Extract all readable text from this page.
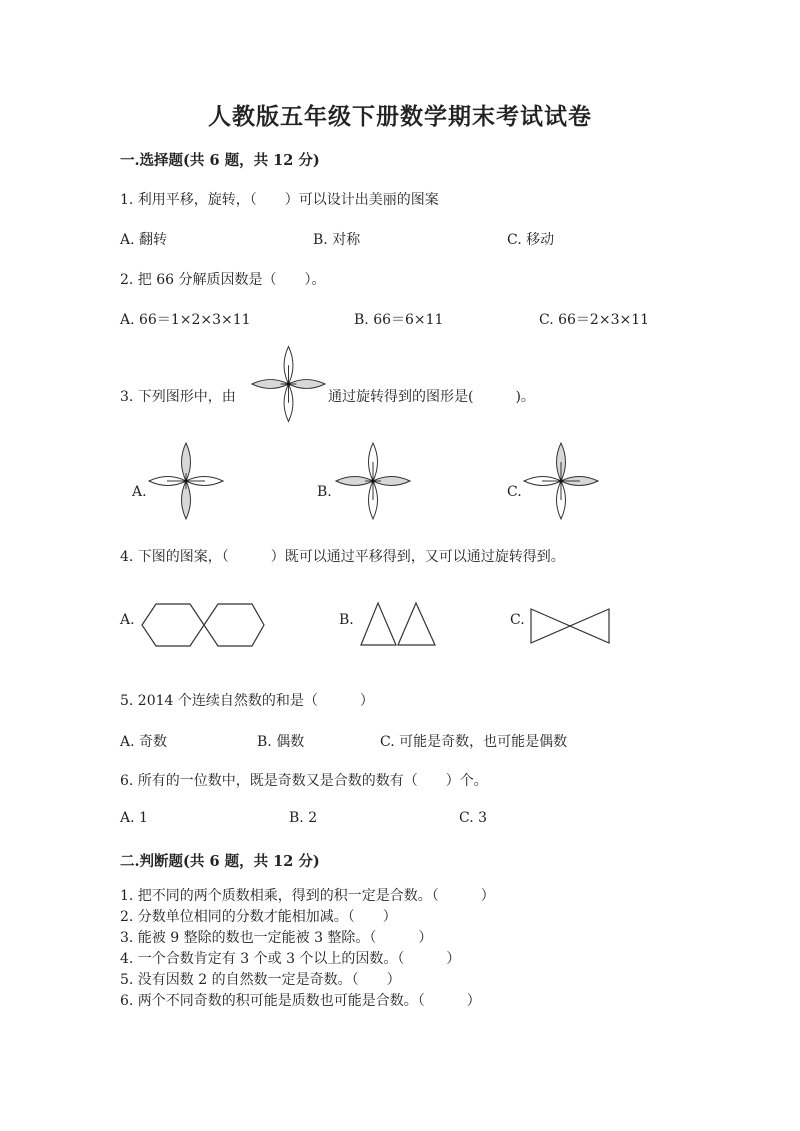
人教版五年级下册数学期末考试试卷
一.选择题(共 6 题，共 12 分)
1. 利用平移，旋转，（　　）可以设计出美丽的图案
A. 翻转	B. 对称	C. 移动
2. 把 66 分解质因数是（　　）。
A. 66＝1×2×3×11	B. 66＝6×11	C. 66＝2×3×11
3. 下列图形中，由	通过旋转得到的图形是(　　　)。
A.	B.	C.
4. 下图的图案，（　　　）既可以通过平移得到，又可以通过旋转得到。
A.	B.	C.
5. 2014 个连续自然数的和是（　　　）
A. 奇数	B. 偶数	C. 可能是奇数，也可能是偶数
6. 所有的一位数中，既是奇数又是合数的数有（　　）个。
A. 1	B. 2	C. 3
二.判断题(共 6 题，共 12 分)
1. 把不同的两个质数相乘，得到的积一定是合数。（　　　）
2. 分数单位相同的分数才能相加减。（　　）
3. 能被 9 整除的数也一定能被 3 整除。（　　　）
4. 一个合数肯定有 3 个或 3 个以上的因数。（　　　）
5. 没有因数 2 的自然数一定是奇数。（　　）
6. 两个不同奇数的积可能是质数也可能是合数。（　　　）
